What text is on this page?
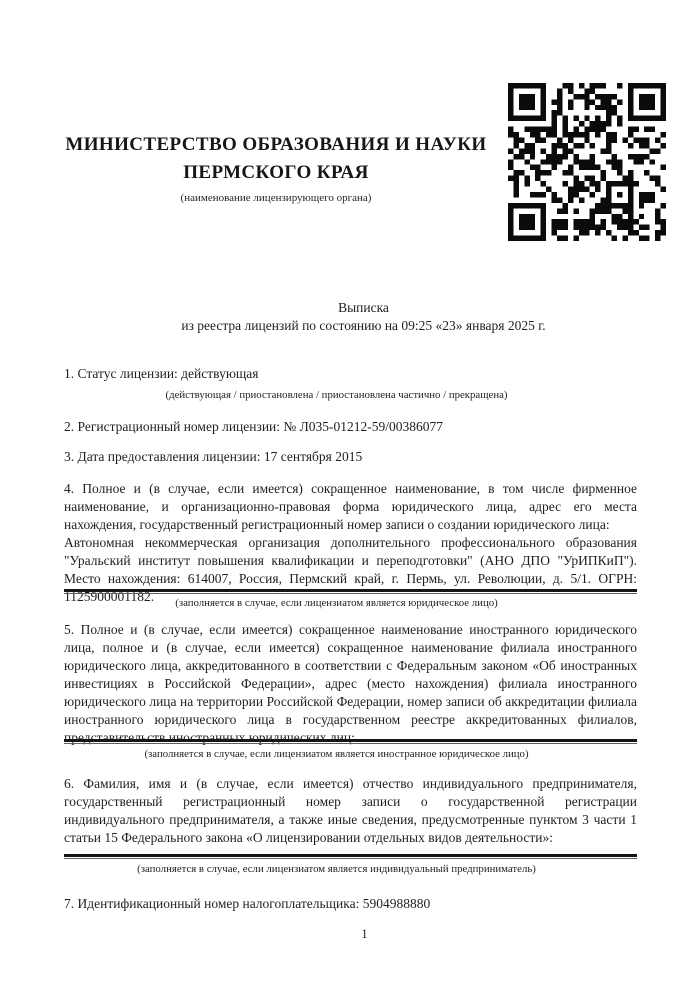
МИНИСТЕРСТВО ОБРАЗОВАНИЯ И НАУКИ
ПЕРМСКОГО КРАЯ
(наименование лицензирующего органа)
Выписка
из реестра лицензий по состоянию на 09:25 «23» января 2025 г.
1. Статус лицензии: действующая
(действующая / приостановлена / приостановлена частично / прекращена)
2. Регистрационный номер лицензии: № Л035-01212-59/00386077
3. Дата предоставления лицензии: 17 сентября 2015
4. Полное и (в случае, если имеется) сокращенное наименование, в том числе фирменное наименование, и организационно-правовая форма юридического лица, адрес его места нахождения, государственный регистрационный номер записи о создании юридического лица:
Автономная некоммерческая организация дополнительного профессионального образования "Уральский институт повышения квалификации и переподготовки" (АНО ДПО "УрИПКиП"). Место нахождения: 614007, Россия, Пермский край, г. Пермь, ул. Революции, д. 5/1. ОГРН: 1125900001182.	(заполняется в случае, если лицензиатом является юридическое лицо)
5. Полное и (в случае, если имеется) сокращенное наименование иностранного юридического лица, полное и (в случае, если имеется) сокращенное наименование филиала иностранного юридического лица, аккредитованного в соответствии с Федеральным законом «Об иностранных инвестициях в Российской Федерации», адрес (место нахождения) филиала иностранного юридического лица на территории Российской Федерации, номер записи об аккредитации филиала иностранного юридического лица в государственном реестре аккредитованных филиалов, представительств иностранных юридических лиц:
(заполняется в случае, если лицензиатом является иностранное юридическое лицо)
6. Фамилия, имя и (в случае, если имеется) отчество индивидуального предпринимателя, государственный регистрационный номер записи о государственной регистрации индивидуального предпринимателя, а также иные сведения, предусмотренные пунктом 3 части 1 статьи 15 Федерального закона «О лицензировании отдельных видов деятельности»:
(заполняется в случае, если лицензиатом является индивидуальный предприниматель)
7. Идентификационный номер налогоплательщика: 5904988880
1
